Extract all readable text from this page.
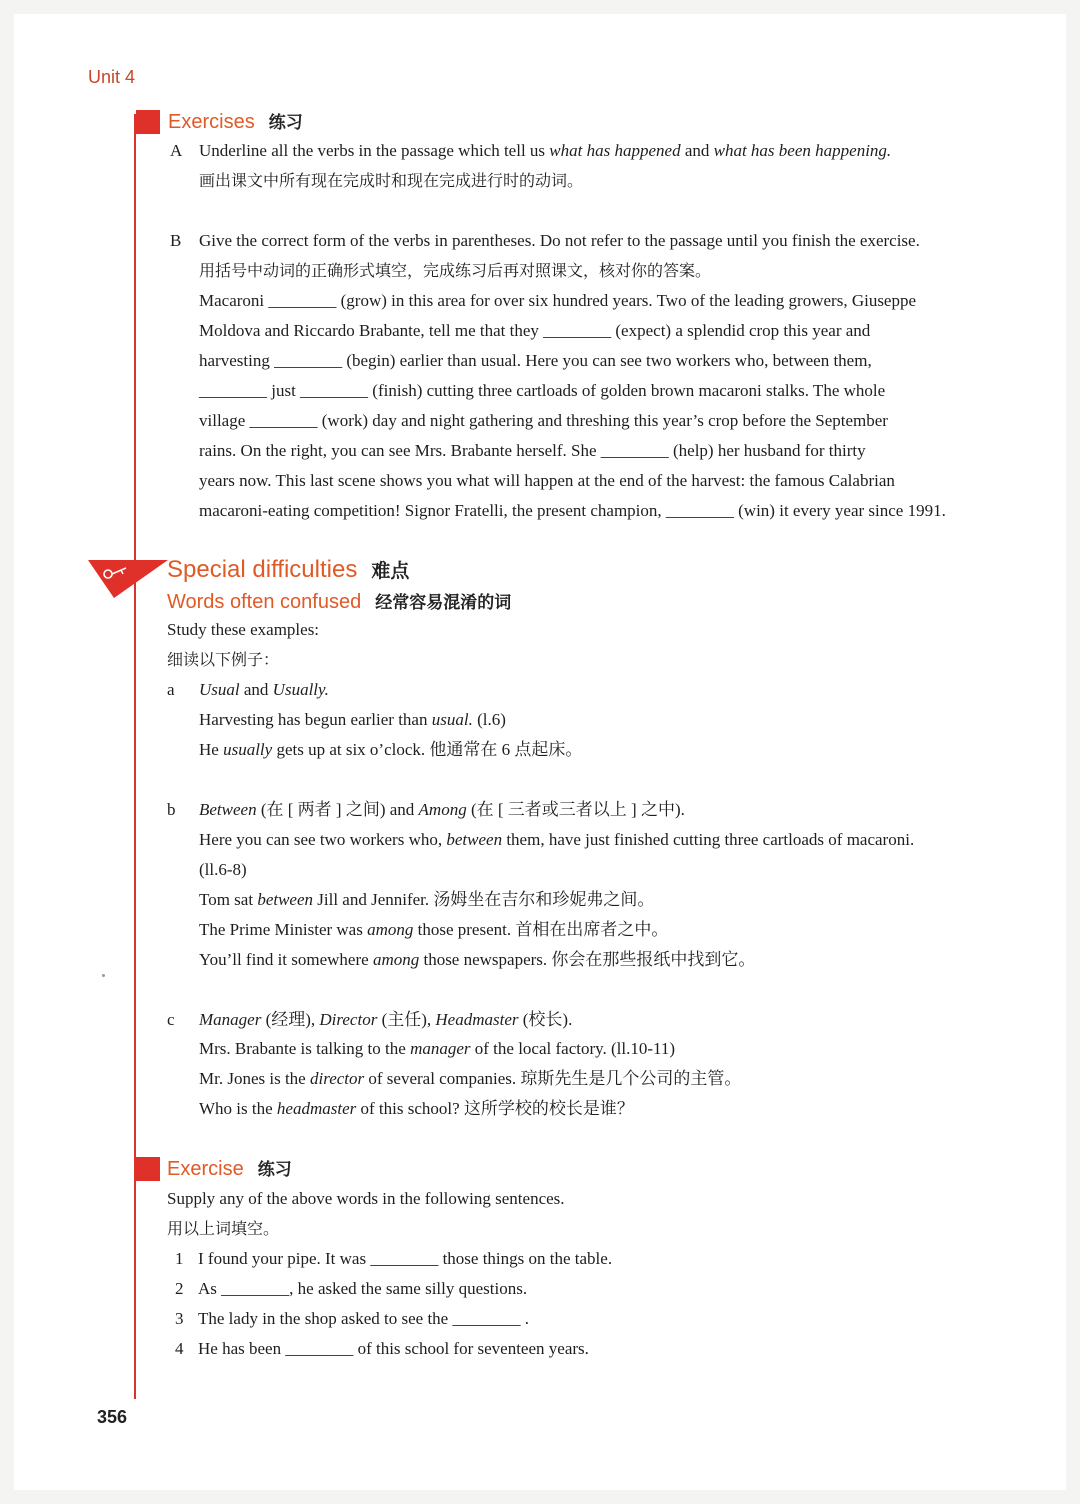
Unit 4
Exercises 练习
A Underline all the verbs in the passage which tell us what has happened and what has been happening.
画出课文中所有现在完成时和现在完成进行时的动词。
B Give the correct form of the verbs in parentheses. Do not refer to the passage until you finish the exercise.
用括号中动词的正确形式填空，完成练习后再对照课文，核对你的答案。
Macaroni ________ (grow) in this area for over six hundred years. Two of the leading growers, Giuseppe
Moldova and Riccardo Brabante, tell me that they ________ (expect) a splendid crop this year and
harvesting ________ (begin) earlier than usual. Here you can see two workers who, between them,
________ just ________ (finish) cutting three cartloads of golden brown macaroni stalks. The whole
village ________ (work) day and night gathering and threshing this year’s crop before the September
rains. On the right, you can see Mrs. Brabante herself. She ________ (help) her husband for thirty
years now. This last scene shows you what will happen at the end of the harvest: the famous Calabrian
macaroni-eating competition! Signor Fratelli, the present champion, ________ (win) it every year since 1991.
Special difficulties 难点
Words often confused 经常容易混淆的词
Study these examples:
细读以下例子：
a Usual and Usually.
Harvesting has begun earlier than usual. (l.6)
He usually gets up at six o’clock. 他通常在 6 点起床。
b Between (在 [ 两者 ] 之间) and Among (在 [ 三者或三者以上 ] 之中).
Here you can see two workers who, between them, have just finished cutting three cartloads of macaroni.
(ll.6-8)
Tom sat between Jill and Jennifer. 汤姆坐在吉尔和珍妮弗之间。
The Prime Minister was among those present. 首相在出席者之中。
You’ll find it somewhere among those newspapers. 你会在那些报纸中找到它。
c Manager (经理), Director (主任), Headmaster (校长).
Mrs. Brabante is talking to the manager of the local factory. (ll.10-11)
Mr. Jones is the director of several companies. 琼斯先生是几个公司的主管。
Who is the headmaster of this school? 这所学校的校长是谁？
Exercise 练习
Supply any of the above words in the following sentences.
用以上词填空。
1 I found your pipe. It was ________ those things on the table.
2 As ________, he asked the same silly questions.
3 The lady in the shop asked to see the ________ .
4 He has been ________ of this school for seventeen years.
356
